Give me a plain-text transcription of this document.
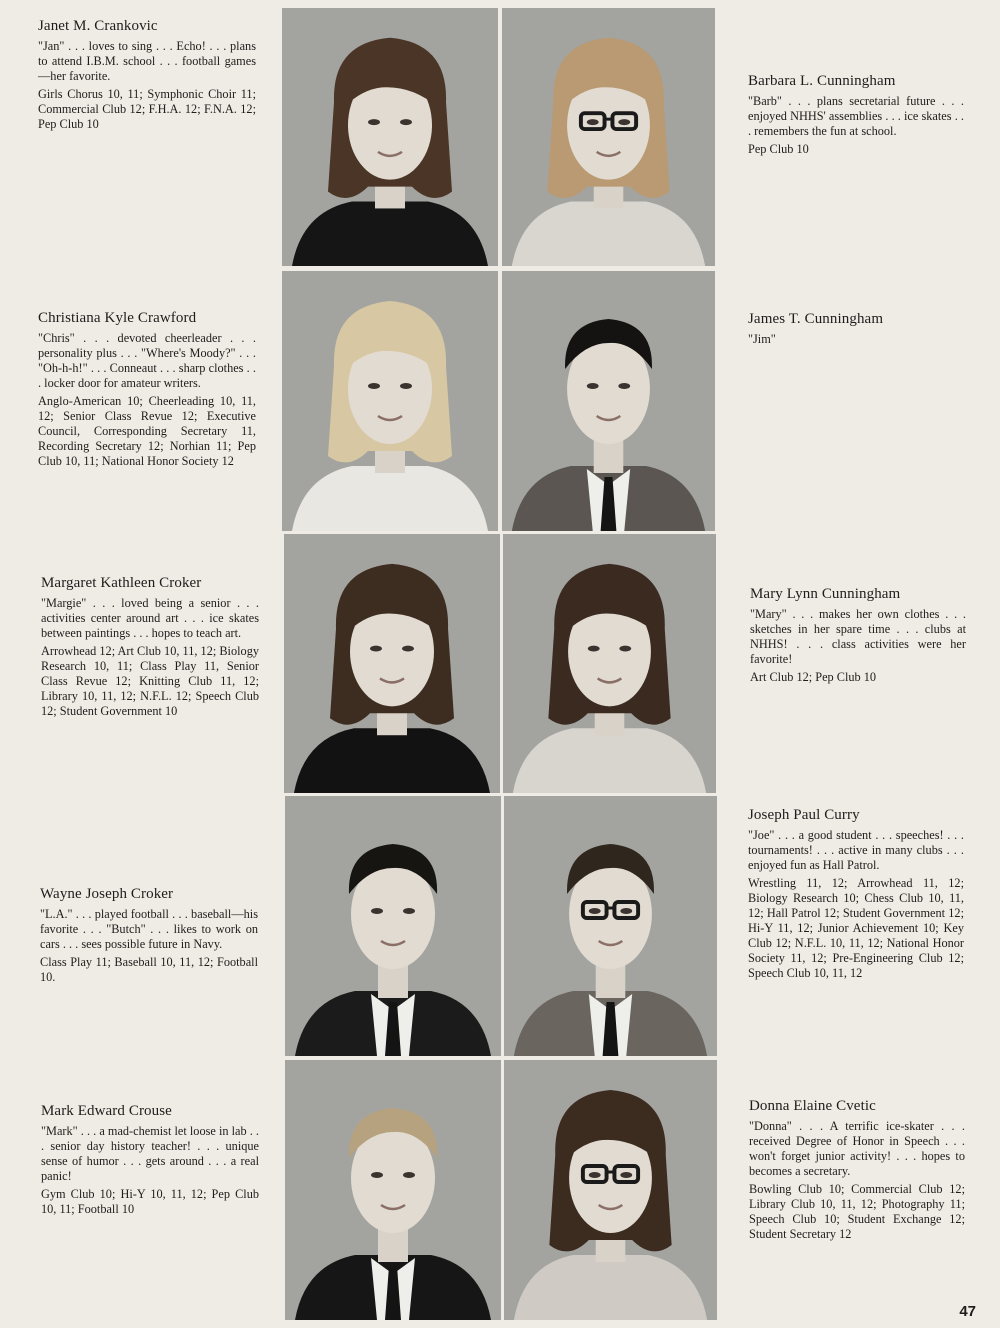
Janet M. Crankovic
"Jan" . . . loves to sing . . . Echo! . . . plans to attend I.B.M. school . . . football games—her favorite.
Girls Chorus 10, 11; Symphonic Choir 11; Commercial Club 12; F.H.A. 12; F.N.A. 12; Pep Club 10
Barbara L. Cunningham
"Barb" . . . plans secretarial future . . . enjoyed NHHS' assemblies . . . ice skates . . . remembers the fun at school.
Pep Club 10
Christiana Kyle Crawford
"Chris" . . . devoted cheerleader . . . personality plus . . . "Where's Moody?" . . . "Oh-h-h!" . . . Conneaut . . . sharp clothes . . . locker door for amateur writers.
Anglo-American 10; Cheerleading 10, 11, 12; Senior Class Revue 12; Executive Council, Corresponding Secretary 11, Recording Secretary 12; Norhian 11; Pep Club 10, 11; National Honor Society 12
James T. Cunningham
"Jim"
Margaret Kathleen Croker
"Margie" . . . loved being a senior . . . activities center around art . . . ice skates between paintings . . . hopes to teach art.
Arrowhead 12; Art Club 10, 11, 12; Biology Research 10, 11; Class Play 11, Senior Class Revue 12; Knitting Club 11, 12; Library 10, 11, 12; N.F.L. 12; Speech Club 12; Student Government 10
Mary Lynn Cunningham
"Mary" . . . makes her own clothes . . . sketches in her spare time . . . clubs at NHHS! . . . class activities were her favorite!
Art Club 12; Pep Club 10
Wayne Joseph Croker
"L.A." . . . played football . . . baseball—his favorite . . . "Butch" . . . likes to work on cars . . . sees possible future in Navy.
Class Play 11; Baseball 10, 11, 12; Football 10.
Joseph Paul Curry
"Joe" . . . a good student . . . speeches! . . . tournaments! . . . active in many clubs . . . enjoyed fun as Hall Patrol.
Wrestling 11, 12; Arrowhead 11, 12; Biology Research 10; Chess Club 10, 11, 12; Hall Patrol 12; Student Government 12; Hi-Y 11, 12; Junior Achievement 10; Key Club 12; N.F.L. 10, 11, 12; National Honor Society 11, 12; Pre-Engineering Club 12; Speech Club 10, 11, 12
Mark Edward Crouse
"Mark" . . . a mad-chemist let loose in lab . . . senior day history teacher! . . . unique sense of humor . . . gets around . . . a real panic!
Gym Club 10; Hi-Y 10, 11, 12; Pep Club 10, 11; Football 10
Donna Elaine Cvetic
"Donna" . . . A terrific ice-skater . . . received Degree of Honor in Speech . . . won't forget junior activity! . . . hopes to becomes a secretary.
Bowling Club 10; Commercial Club 12; Library Club 10, 11, 12; Photography 11; Speech Club 10; Student Exchange 12; Student Secretary 12
47
